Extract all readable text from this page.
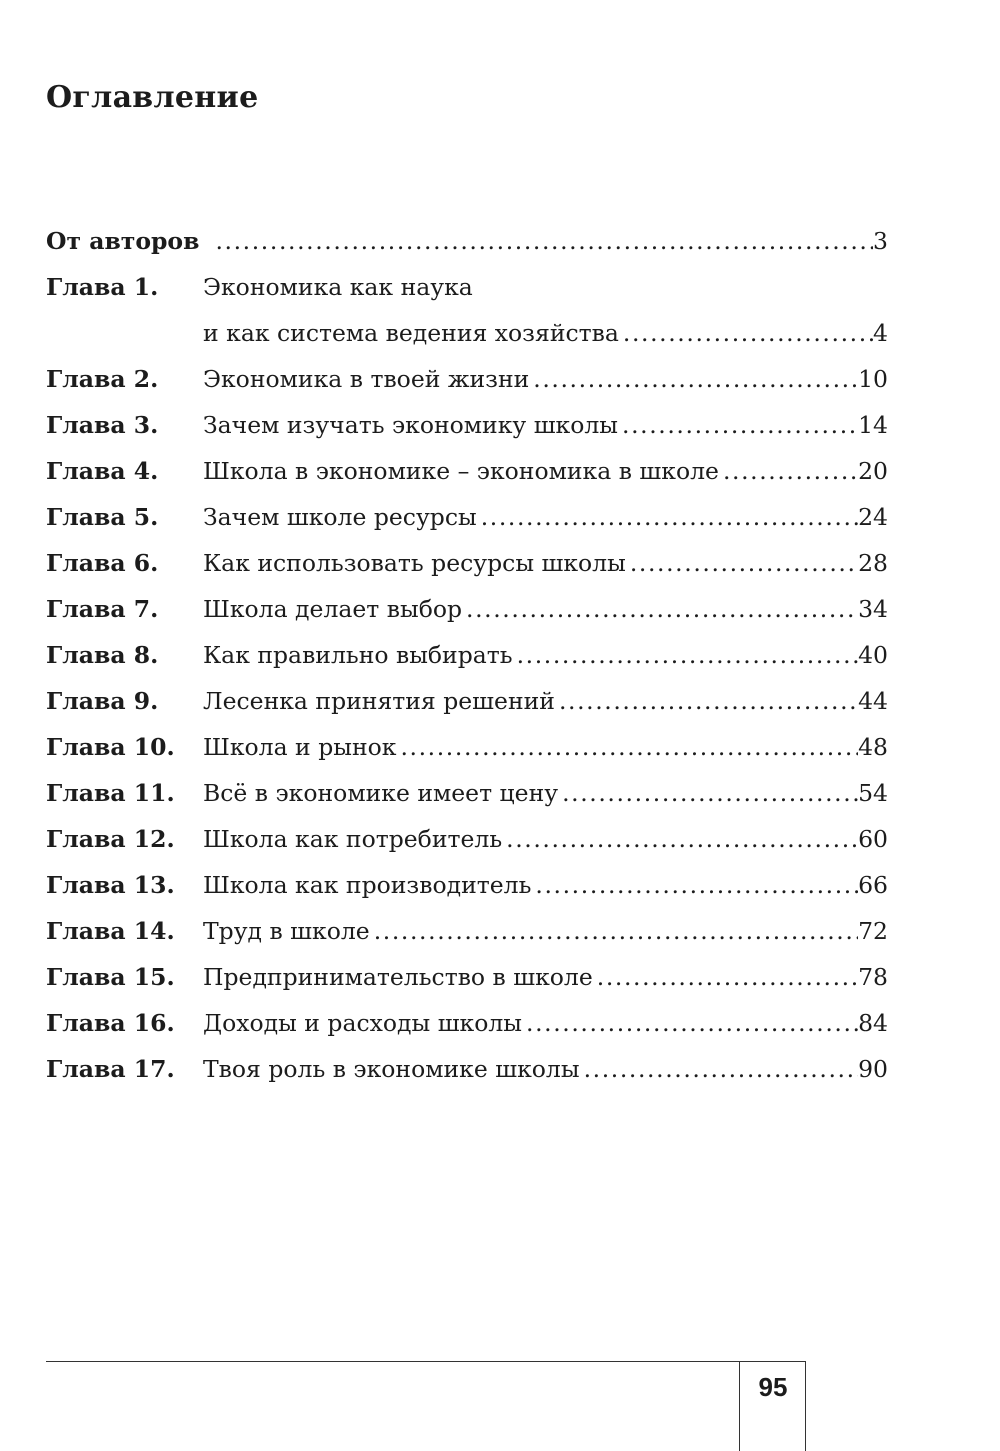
Оглавление
От авторов .....	3
Глава 1.	Экономика как наука
и как система ведения хозяйства .....	4
Глава 2.	Экономика в твоей жизни .....	10
Глава 3.	Зачем изучать экономику школы .....	14
Глава 4.	Школа в экономике – экономика в школе .....	20
Глава 5.	Зачем школе ресурсы .....	24
Глава 6.	Как использовать ресурсы школы .....	28
Глава 7.	Школа делает выбор .....	34
Глава 8.	Как правильно выбирать .....	40
Глава 9.	Лесенка принятия решений .....	44
Глава 10.	Школа и рынок .....	48
Глава 11.	Всё в экономике имеет цену .....	54
Глава 12.	Школа как потребитель .....	60
Глава 13.	Школа как производитель .....	66
Глава 14.	Труд в школе .....	72
Глава 15.	Предпринимательство в школе .....	78
Глава 16.	Доходы и расходы школы .....	84
Глава 17.	Твоя роль в экономике школы .....	90
95
